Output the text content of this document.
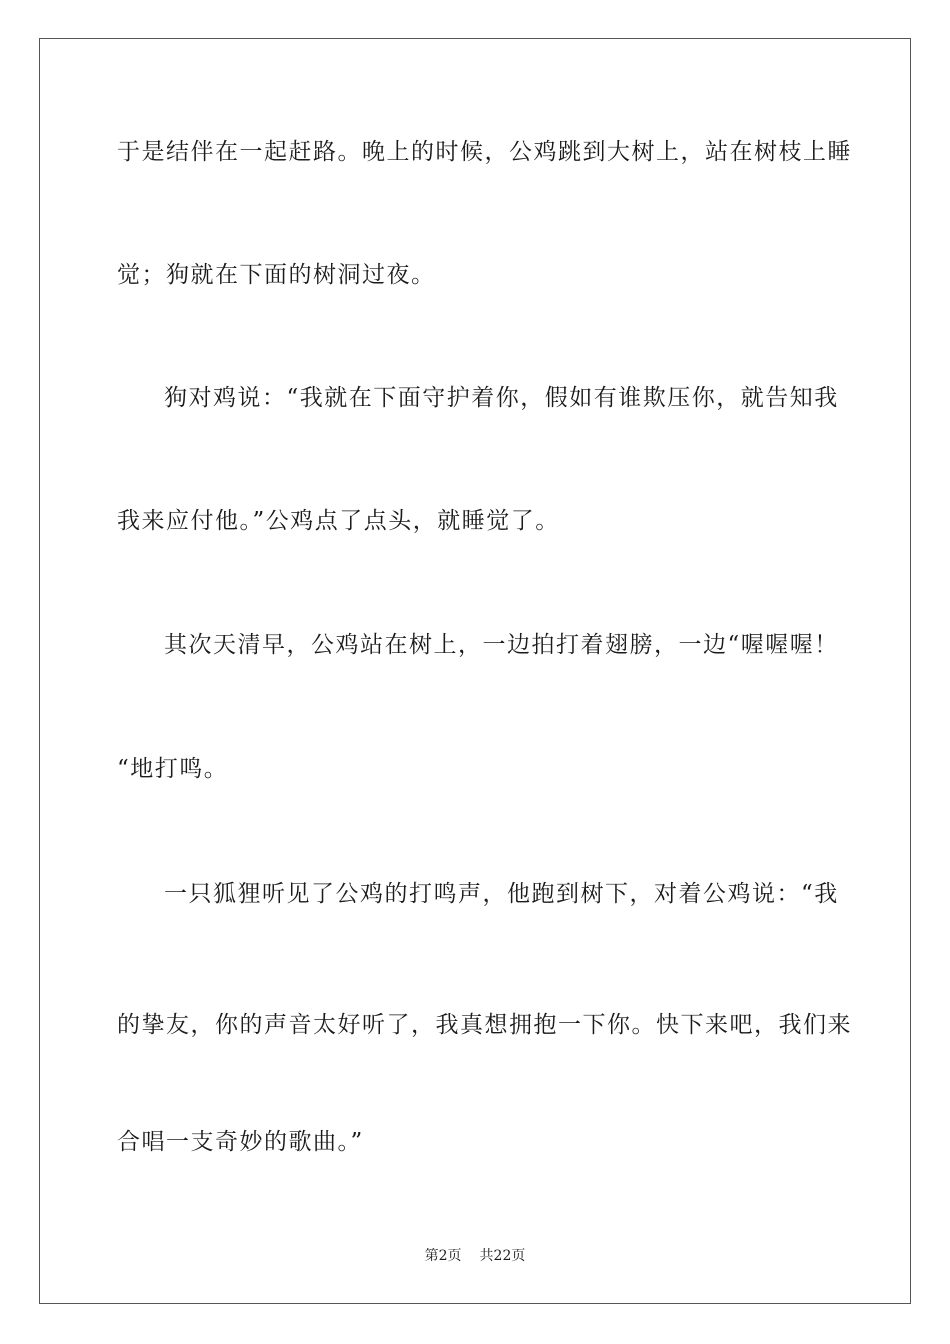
于是结伴在一起赶路。晚上的时候，公鸡跳到大树上，站在树枝上睡
觉；狗就在下面的树洞过夜。
狗对鸡说：“我就在下面守护着你，假如有谁欺压你，就告知我
我来应付他。”公鸡点了点头，就睡觉了。
其次天清早，公鸡站在树上，一边拍打着翅膀，一边“喔喔喔！
“地打鸣。
一只狐狸听见了公鸡的打鸣声，他跑到树下，对着公鸡说：“我
的挚友，你的声音太好听了，我真想拥抱一下你。快下来吧，我们来
合唱一支奇妙的歌曲。”
第2页 共22页
